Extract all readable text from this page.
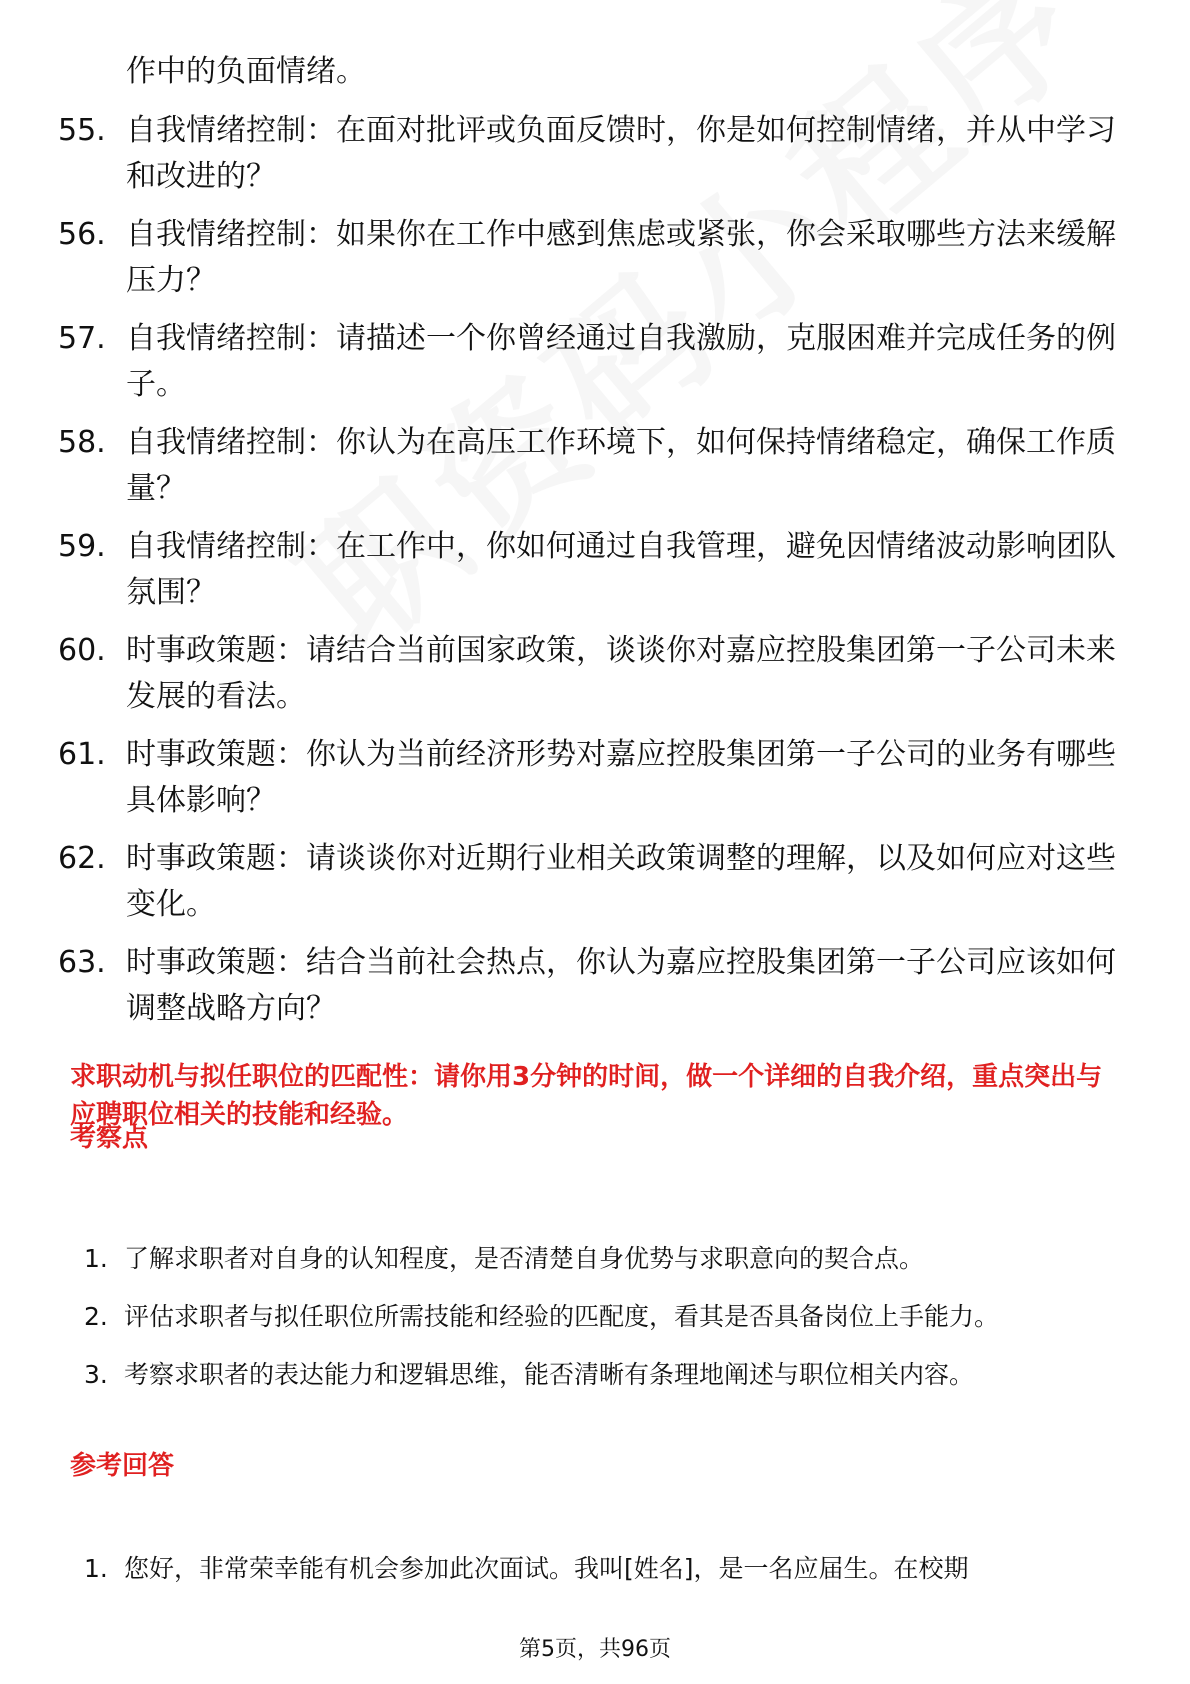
作中的负面情绪。
55. 自我情绪控制：在面对批评或负面反馈时，你是如何控制情绪，并从中学习和改进的？
56. 自我情绪控制：如果你在工作中感到焦虑或紧张，你会采取哪些方法来缓解压力？
57. 自我情绪控制：请描述一个你曾经通过自我激励，克服困难并完成任务的例子。
58. 自我情绪控制：你认为在高压工作环境下，如何保持情绪稳定，确保工作质量？
59. 自我情绪控制：在工作中，你如何通过自我管理，避免因情绪波动影响团队氛围？
60. 时事政策题：请结合当前国家政策，谈谈你对嘉应控股集团第一子公司未来发展的看法。
61. 时事政策题：你认为当前经济形势对嘉应控股集团第一子公司的业务有哪些具体影响？
62. 时事政策题：请谈谈你对近期行业相关政策调整的理解，以及如何应对这些变化。
63. 时事政策题：结合当前社会热点，你认为嘉应控股集团第一子公司应该如何调整战略方向？
求职动机与拟任职位的匹配性：请你用3分钟的时间，做一个详细的自我介绍，重点突出与应聘职位相关的技能和经验。
考察点
1. 了解求职者对自身的认知程度，是否清楚自身优势与求职意向的契合点。
2. 评估求职者与拟任职位所需技能和经验的匹配度，看其是否具备岗位上手能力。
3. 考察求职者的表达能力和逻辑思维，能否清晰有条理地阐述与职位相关内容。
参考回答
1. 您好，非常荣幸能有机会参加此次面试。我叫[姓名]，是一名应届生。在校期
第5页，共96页
